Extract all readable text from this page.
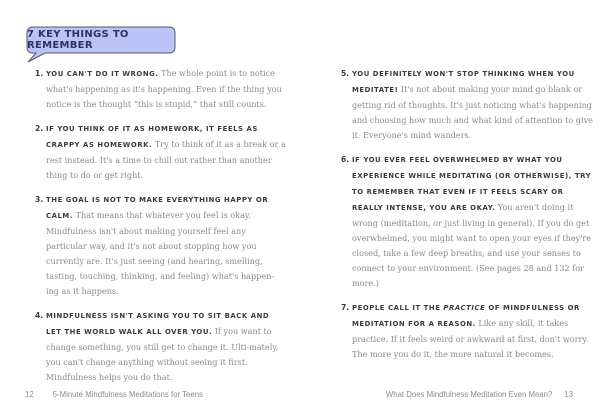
7 KEY THINGS TO REMEMBER
1. YOU CAN'T DO IT WRONG. The whole point is to notice what's happening as it's happening. Even if the thing you notice is the thought “this is stupid,” that still counts.
2. IF YOU THINK OF IT AS HOMEWORK, IT FEELS AS CRAPPY AS HOMEWORK. Try to think of it as a break or a rest instead. It's a time to chill out rather than another thing to do or get right.
3. THE GOAL IS NOT TO MAKE EVERYTHING HAPPY OR CALM. That means that whatever you feel is okay. Mindfulness isn't about making yourself feel any particular way, and it's not about stopping how you currently are. It's just seeing (and hearing, smelling, tasting, touching, thinking, and feeling) what's happen-ing as it happens.
4. MINDFULNESS ISN'T ASKING YOU TO SIT BACK AND LET THE WORLD WALK ALL OVER YOU. If you want to change something, you still get to change it. Ulti-mately, you can't change anything without seeing it first. Mindfulness helps you do that.
5. YOU DEFINITELY WON'T STOP THINKING WHEN YOU MEDITATE! It's not about making your mind go blank or getting rid of thoughts. It's just noticing what's happening and choosing how much and what kind of attention to give it. Everyone's mind wanders.
6. IF YOU EVER FEEL OVERWHELMED BY WHAT YOU EXPERIENCE WHILE MEDITATING (OR OTHERWISE), TRY TO REMEMBER THAT EVEN IF IT FEELS SCARY OR REALLY INTENSE, YOU ARE OKAY. You aren't doing it wrong (meditation, or just living in general). If you do get overwhelmed, you might want to open your eyes if they're closed, take a few deep breaths, and use your senses to connect to your environment. (See pages 28 and 132 for more.)
7. PEOPLE CALL IT THE PRACTICE OF MINDFULNESS OR MEDITATION FOR A REASON. Like any skill, it takes practice. If it feels weird or awkward at first, don't worry. The more you do it, the more natural it becomes.
12 5-Minute Mindfulness Meditations for Teens	What Does Mindfulness Meditation Even Mean? 13
